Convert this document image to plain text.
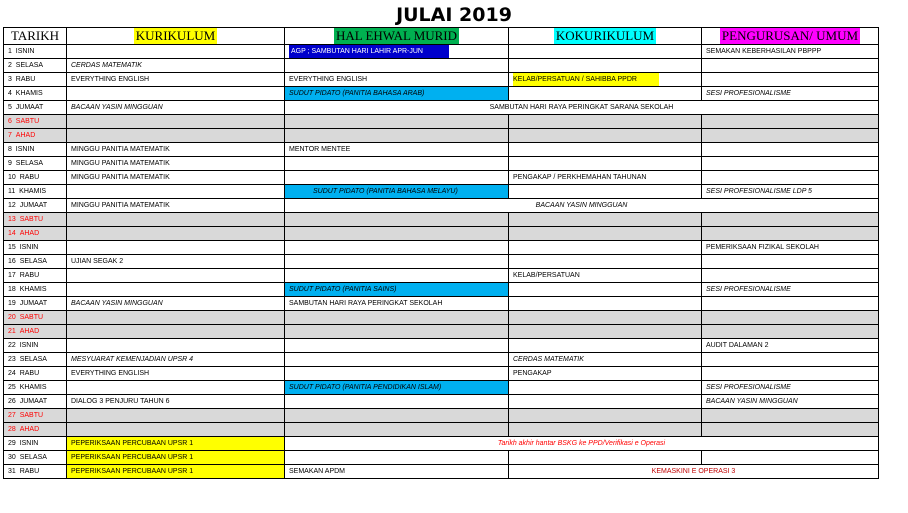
JULAI 2019
TARIKH	KURIKULUM	HAL EHWAL MURID	KOKURIKULUM	PENGURUSAN/ UMUM
1 ISNIN		AGP ; SAMBUTAN HARI LAHIR APR-JUN		SEMAKAN KEBERHASILAN PBPPP
2 SELASA	CERDAS MATEMATIK			
3 RABU	EVERYTHING ENGLISH	EVERYTHING ENGLISH	KELAB/PERSATUAN / SAHIBBA PPDR	
4 KHAMIS		SUDUT PIDATO (PANITIA BAHASA ARAB)		SESI PROFESIONALISME
5 JUMAAT	BACAAN YASIN MINGGUAN	SAMBUTAN HARI RAYA PERINGKAT SARANA SEKOLAH		
6 SABTU				
7 AHAD				
8 ISNIN	MINGGU PANITIA MATEMATIK	MENTOR MENTEE		
9 SELASA	MINGGU PANITIA MATEMATIK			
10 RABU	MINGGU PANITIA MATEMATIK		PENGAKAP / PERKHEMAHAN TAHUNAN	
11 KHAMIS		SUDUT PIDATO (PANITIA BAHASA MELAYU)		SESI PROFESIONALISME LDP 5
12 JUMAAT	MINGGU PANITIA MATEMATIK	BACAAN YASIN MINGGUAN		
13 SABTU				
14 AHAD				
15 ISNIN				PEMERIKSAAN FIZIKAL SEKOLAH
16 SELASA	UJIAN SEGAK 2			
17 RABU			KELAB/PERSATUAN	
18 KHAMIS		SUDUT PIDATO (PANITIA SAINS)		SESI PROFESIONALISME
19 JUMAAT	BACAAN YASIN MINGGUAN	SAMBUTAN HARI RAYA PERINGKAT SEKOLAH		
20 SABTU				
21 AHAD				
22 ISNIN				AUDIT DALAMAN 2
23 SELASA	MESYUARAT KEMENJADIAN UPSR 4		CERDAS MATEMATIK	
24 RABU	EVERYTHING ENGLISH		PENGAKAP	
25 KHAMIS		SUDUT PIDATO (PANITIA PENDIDIKAN ISLAM)		SESI PROFESIONALISME
26 JUMAAT	DIALOG 3 PENJURU TAHUN 6			BACAAN YASIN MINGGUAN
27 SABTU				
28 AHAD				
29 ISNIN	PEPERIKSAAN PERCUBAAN UPSR 1	Tarikh akhir hantar BSKG ke PPD/Verifikasi e Operasi		
30 SELASA	PEPERIKSAAN PERCUBAAN UPSR 1			
31 RABU	PEPERIKSAAN PERCUBAAN UPSR 1	SEMAKAN APDM	KEMASKINI E OPERASI 3	
